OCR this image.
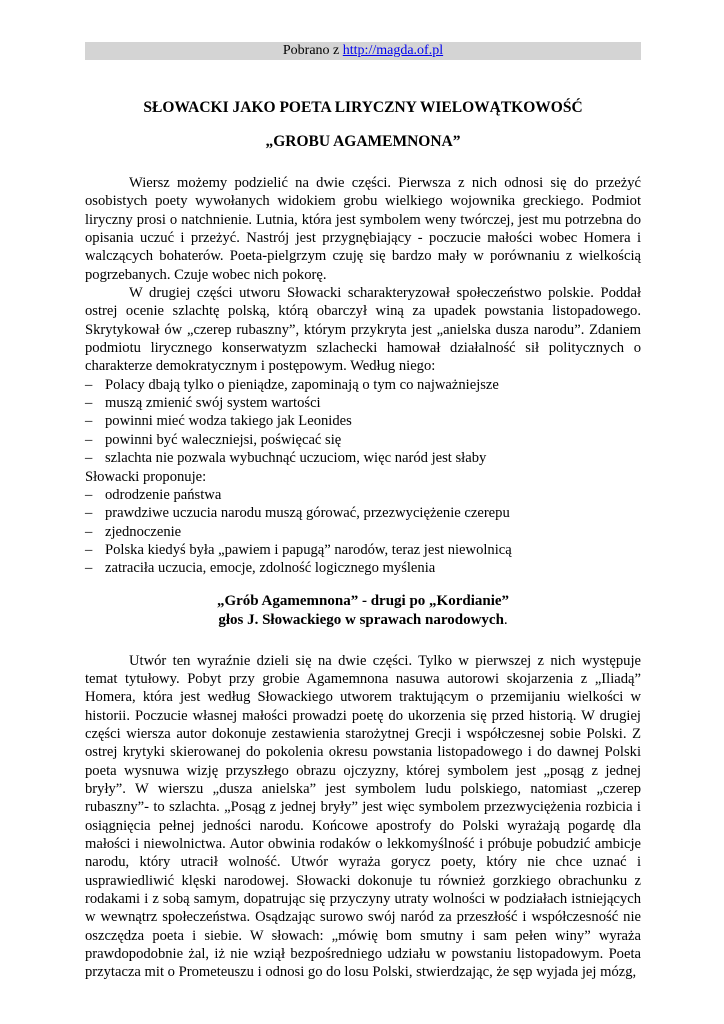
Pobrano z http://magda.of.pl
SŁOWACKI JAKO POETA LIRYCZNY WIELOWĄTKOWOŚĆ
„GROBU AGAMEMNONA”

Wiersz możemy podzielić na dwie części. Pierwsza z nich odnosi się do przeżyć osobistych poety wywołanych widokiem grobu wielkiego wojownika greckiego. Podmiot liryczny prosi o natchnienie. Lutnia, która jest symbolem weny twórczej, jest mu potrzebna do opisania uczuć i przeżyć. Nastrój jest przygnębiający - poczucie małości wobec Homera i walczących bohaterów. Poeta-pielgrzym czuję się bardzo mały w porównaniu z wielkością pogrzebanych. Czuje wobec nich pokorę.

W drugiej części utworu Słowacki scharakteryzował społeczeństwo polskie. Poddał ostrej ocenie szlachtę polską, którą obarczył winą za upadek powstania listopadowego. Skrytykował ów „czerep rubaszny”, którym przykryta jest „anielska dusza narodu”. Zdaniem podmiotu lirycznego konserwatyzm szlachecki hamował działalność sił politycznych o charakterze demokratycznym i postępowym. Według niego:

– Polacy dbają tylko o pieniądze, zapominają o tym co najważniejsze
– muszą zmienić swój system wartości
– powinni mieć wodza takiego jak Leonides
– powinni być waleczniejsi, poświęcać się
– szlachta nie pozwala wybuchnąć uczuciom, więc naród jest słaby

Słowacki proponuje:

– odrodzenie państwa
– prawdziwe uczucia narodu muszą górować, przezwyciężenie czerepu
– zjednoczenie
– Polska kiedyś była „pawiem i papugą” narodów, teraz jest niewolnicą
– zatraciła uczucia, emocje, zdolność logicznego myślenia
„Grób Agamemnona” - drugi po „Kordianie”
głos J. Słowackiego w sprawach narodowych.

Utwór ten wyraźnie dzieli się na dwie części. Tylko w pierwszej z nich występuje temat tytułowy. Pobyt przy grobie Agamemnona nasuwa autorowi skojarzenia z „Iliadą” Homera, która jest według Słowackiego utworem traktującym o przemijaniu wielkości w historii. Poczucie własnej małości prowadzi poetę do ukorzenia się przed historią. W drugiej części wiersza autor dokonuje zestawienia starożytnej Grecji i współczesnej sobie Polski. Z ostrej krytyki skierowanej do pokolenia okresu powstania listopadowego i do dawnej Polski poeta wysnuwa wizję przyszłego obrazu ojczyzny, której symbolem jest „posąg z jednej bryły”. W wierszu „dusza anielska” jest symbolem ludu polskiego, natomiast „czerep rubaszny”- to szlachta. „Posąg z jednej bryły” jest więc symbolem przezwyciężenia rozbicia i osiągnięcia pełnej jedności narodu. Końcowe apostrofy do Polski wyrażają pogardę dla małości i niewolnictwa. Autor obwinia rodaków o lekkomyślność i próbuje pobudzić ambicje narodu, który utracił wolność. Utwór wyraża gorycz poety, który nie chce uznać i usprawiedliwić klęski narodowej. Słowacki dokonuje tu również gorzkiego obrachunku z rodakami i z sobą samym, dopatrując się przyczyny utraty wolności w podziałach istniejących w wewnątrz społeczeństwa. Osądzając surowo swój naród za przeszłość i współczesność nie oszczędza poeta i siebie. W słowach: „mówię bom smutny i sam pełen winy” wyraża prawdopodobnie żal, iż nie wziął bezpośredniego udziału w powstaniu listopadowym. Poeta przytacza mit o Prometeuszu i odnosi go do losu Polski, stwierdzając, że sęp wyjada jej mózg,
